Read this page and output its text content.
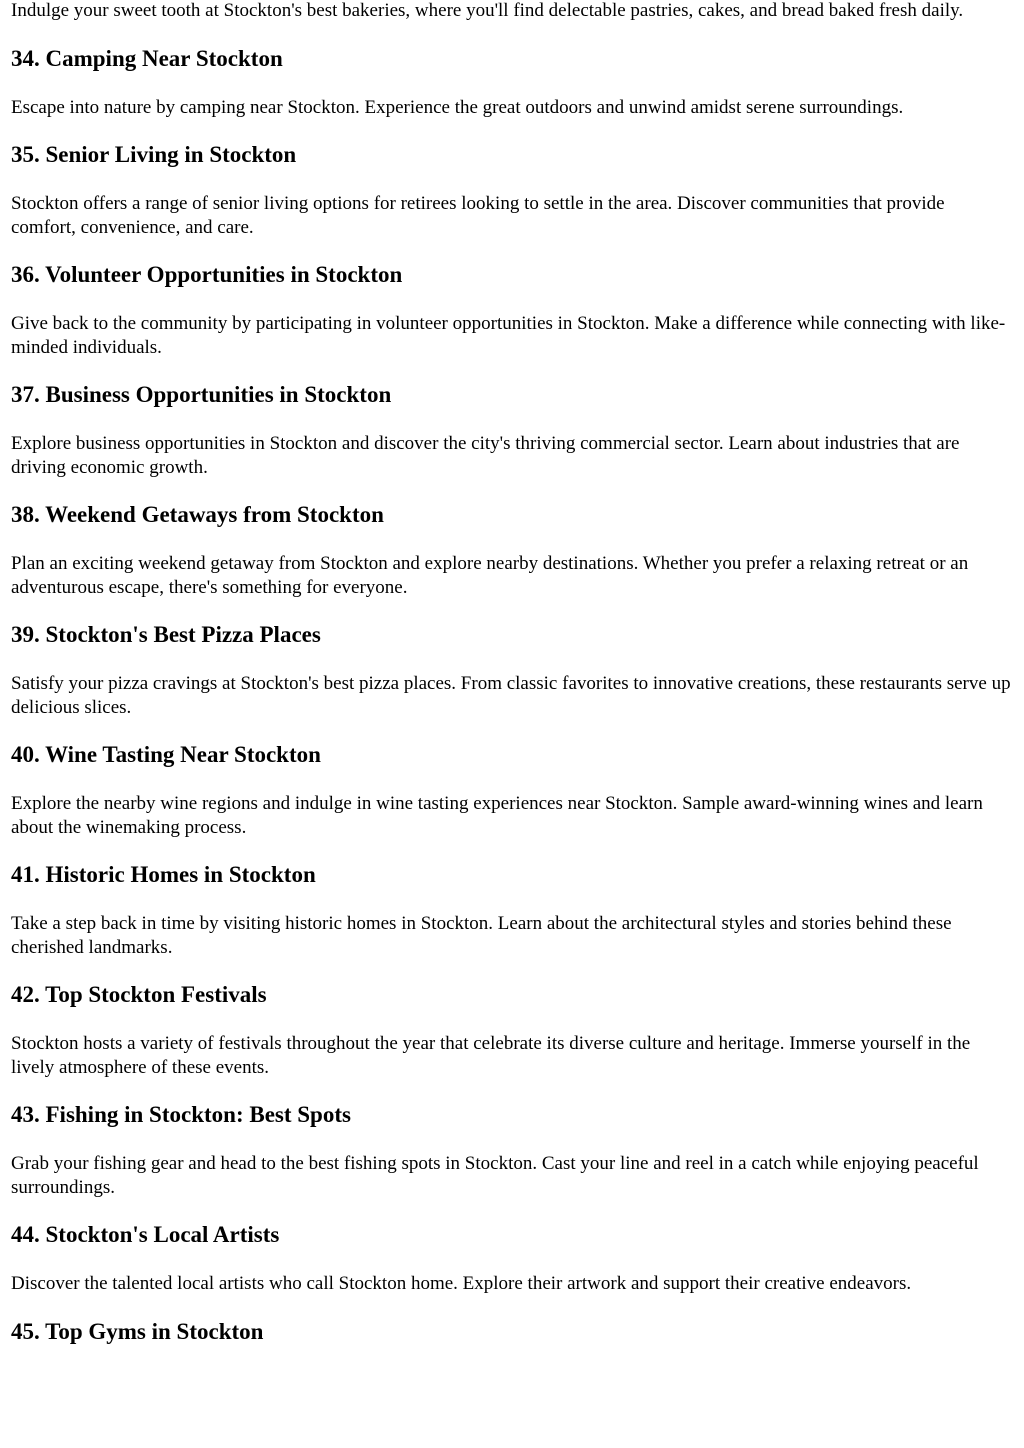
Indulge your sweet tooth at Stockton's best bakeries, where you'll find delectable pastries, cakes, and bread baked fresh daily.

34. Camping Near Stockton

Escape into nature by camping near Stockton. Experience the great outdoors and unwind amidst serene surroundings.

35. Senior Living in Stockton

Stockton offers a range of senior living options for retirees looking to settle in the area. Discover communities that provide comfort, convenience, and care.

36. Volunteer Opportunities in Stockton

Give back to the community by participating in volunteer opportunities in Stockton. Make a difference while connecting with like-minded individuals.

37. Business Opportunities in Stockton

Explore business opportunities in Stockton and discover the city's thriving commercial sector. Learn about industries that are driving economic growth.

38. Weekend Getaways from Stockton

Plan an exciting weekend getaway from Stockton and explore nearby destinations. Whether you prefer a relaxing retreat or an adventurous escape, there's something for everyone.

39. Stockton's Best Pizza Places

Satisfy your pizza cravings at Stockton's best pizza places. From classic favorites to innovative creations, these restaurants serve up delicious slices.

40. Wine Tasting Near Stockton

Explore the nearby wine regions and indulge in wine tasting experiences near Stockton. Sample award-winning wines and learn about the winemaking process.

41. Historic Homes in Stockton

Take a step back in time by visiting historic homes in Stockton. Learn about the architectural styles and stories behind these cherished landmarks.

42. Top Stockton Festivals

Stockton hosts a variety of festivals throughout the year that celebrate its diverse culture and heritage. Immerse yourself in the lively atmosphere of these events.

43. Fishing in Stockton: Best Spots

Grab your fishing gear and head to the best fishing spots in Stockton. Cast your line and reel in a catch while enjoying peaceful surroundings.

44. Stockton's Local Artists

Discover the talented local artists who call Stockton home. Explore their artwork and support their creative endeavors.

45. Top Gyms in Stockton
